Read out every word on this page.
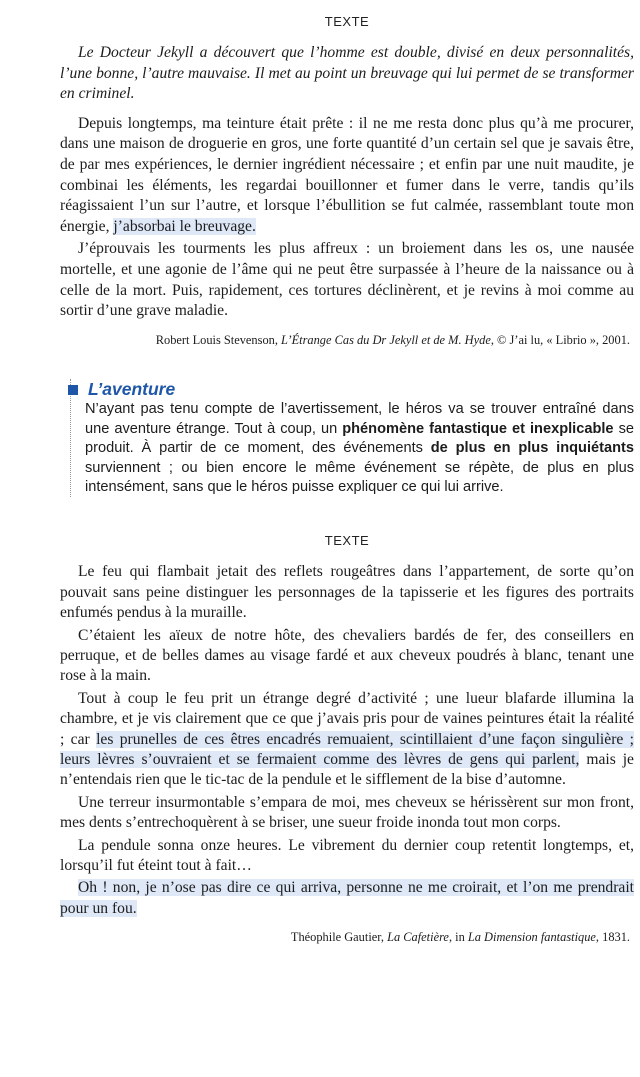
TEXTE

Le Docteur Jekyll a découvert que l’homme est double, divisé en deux personnalités, l’une bonne, l’autre mauvaise. Il met au point un breuvage qui lui permet de se transformer en criminel.

Depuis longtemps, ma teinture était prête : il ne me resta donc plus qu’à me procurer, dans une maison de droguerie en gros, une forte quantité d’un certain sel que je savais être, de par mes expériences, le dernier ingrédient nécessaire ; et enfin par une nuit maudite, je combinai les éléments, les regardai bouillonner et fumer dans le verre, tandis qu’ils réagissaient l’un sur l’autre, et lorsque l’ébullition se fut calmée, rassemblant toute mon énergie, j’absorbai le breuvage.

J’éprouvais les tourments les plus affreux : un broiement dans les os, une nausée mortelle, et une agonie de l’âme qui ne peut être surpassée à l’heure de la naissance ou à celle de la mort. Puis, rapidement, ces tortures déclinèrent, et je revins à moi comme au sortir d’une grave maladie.

Robert Louis Stevenson, L’Étrange Cas du Dr Jekyll et de M. Hyde, © J’ai lu, « Librio », 2001.

L’aventure

N’ayant pas tenu compte de l’avertissement, le héros va se trouver entraîné dans une aventure étrange. Tout à coup, un phénomène fantastique et inexplicable se produit. À partir de ce moment, des événements de plus en plus inquiétants surviennent ; ou bien encore le même événement se répète, de plus en plus intensément, sans que le héros puisse expliquer ce qui lui arrive.

TEXTE

Le feu qui flambait jetait des reflets rougeâtres dans l’appartement, de sorte qu’on pouvait sans peine distinguer les personnages de la tapisserie et les figures des portraits enfumés pendus à la muraille.

C’étaient les aïeux de notre hôte, des chevaliers bardés de fer, des conseillers en perruque, et de belles dames au visage fardé et aux cheveux poudrés à blanc, tenant une rose à la main.

Tout à coup le feu prit un étrange degré d’activité ; une lueur blafarde illumina la chambre, et je vis clairement que ce que j’avais pris pour de vaines peintures était la réalité ; car les prunelles de ces êtres encadrés remuaient, scintillaient d’une façon singulière ; leurs lèvres s’ouvraient et se fermaient comme des lèvres de gens qui parlent, mais je n’entendais rien que le tic-tac de la pendule et le sifflement de la bise d’automne.

Une terreur insurmontable s’empara de moi, mes cheveux se hérissèrent sur mon front, mes dents s’entrechoquèrent à se briser, une sueur froide inonda tout mon corps.

La pendule sonna onze heures. Le vibrement du dernier coup retentit longtemps, et, lorsqu’il fut éteint tout à fait…

Oh ! non, je n’ose pas dire ce qui arriva, personne ne me croirait, et l’on me prendrait pour un fou.

Théophile Gautier, La Cafetière, in La Dimension fantastique, 1831.
